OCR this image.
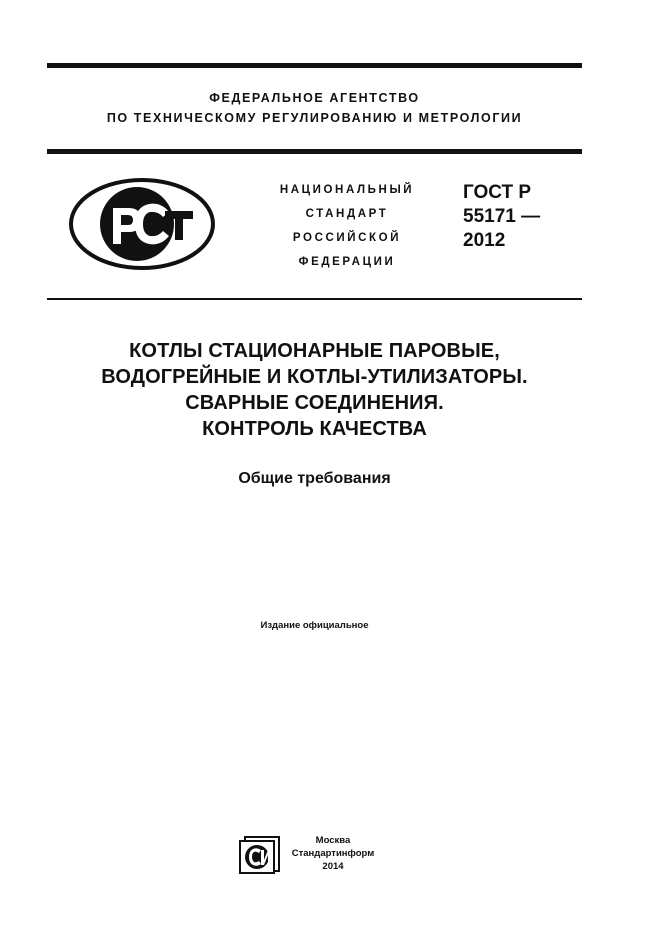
ФЕДЕРАЛЬНОЕ АГЕНТСТВО
ПО ТЕХНИЧЕСКОМУ РЕГУЛИРОВАНИЮ И МЕТРОЛОГИИ
НАЦИОНАЛЬНЫЙ
СТАНДАРТ
РОССИЙСКОЙ
ФЕДЕРАЦИИ
ГОСТ Р
55171 —
2012
КОТЛЫ СТАЦИОНАРНЫЕ ПАРОВЫЕ,
ВОДОГРЕЙНЫЕ И КОТЛЫ-УТИЛИЗАТОРЫ.
СВАРНЫЕ СОЕДИНЕНИЯ.
КОНТРОЛЬ КАЧЕСТВА
Общие требования
Издание официальное
Москва
Стандартинформ
2014
